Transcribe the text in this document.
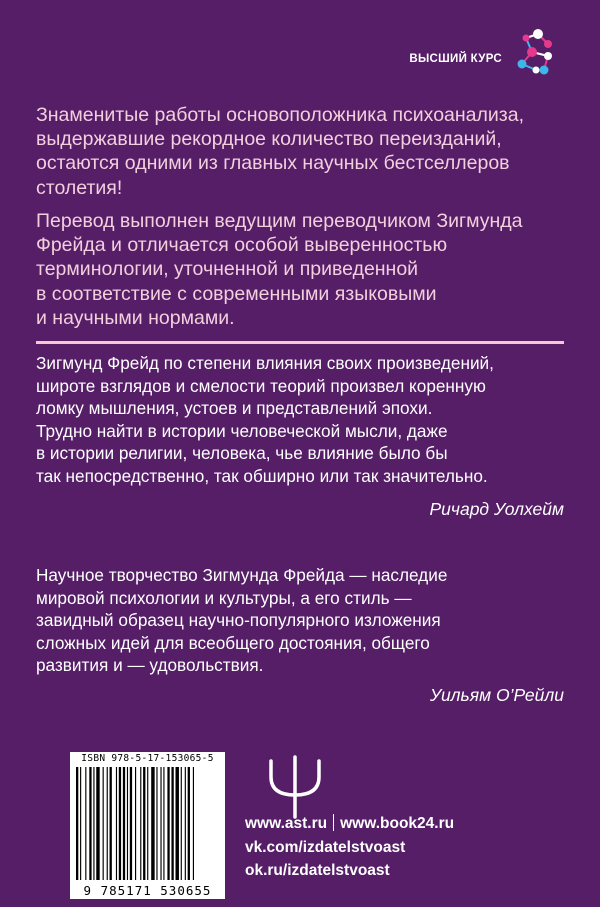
ВЫСШИЙ КУРС

Знаменитые работы основоположника психоанализа,
выдержавшие рекордное количество переизданий,
остаются одними из главных научных бестселлеров
столетия!

Перевод выполнен ведущим переводчиком Зигмунда
Фрейда и отличается особой выверенностью
терминологии, уточненной и приведенной
в соответствие с современными языковыми
и научными нормами.

Зигмунд Фрейд по степени влияния своих произведений,
широте взглядов и смелости теорий произвел коренную
ломку мышления, устоев и представлений эпохи.
Трудно найти в истории человеческой мысли, даже
в истории религии, человека, чье влияние было бы
так непосредственно, так обширно или так значительно.

Ричард Уолхейм

Научное творчество Зигмунда Фрейда — наследие
мировой психологии и культуры, а его стиль —
завидный образец научно-популярного изложения
сложных идей для всеобщего достояния, общего
развития и — удовольствия.

Уильям О’Рейли
ISBN 978-5-17-153065-5
9 785171 530655
www.ast.ru www.book24.ru
vk.com/izdatelstvoast
ok.ru/izdatelstvoast
